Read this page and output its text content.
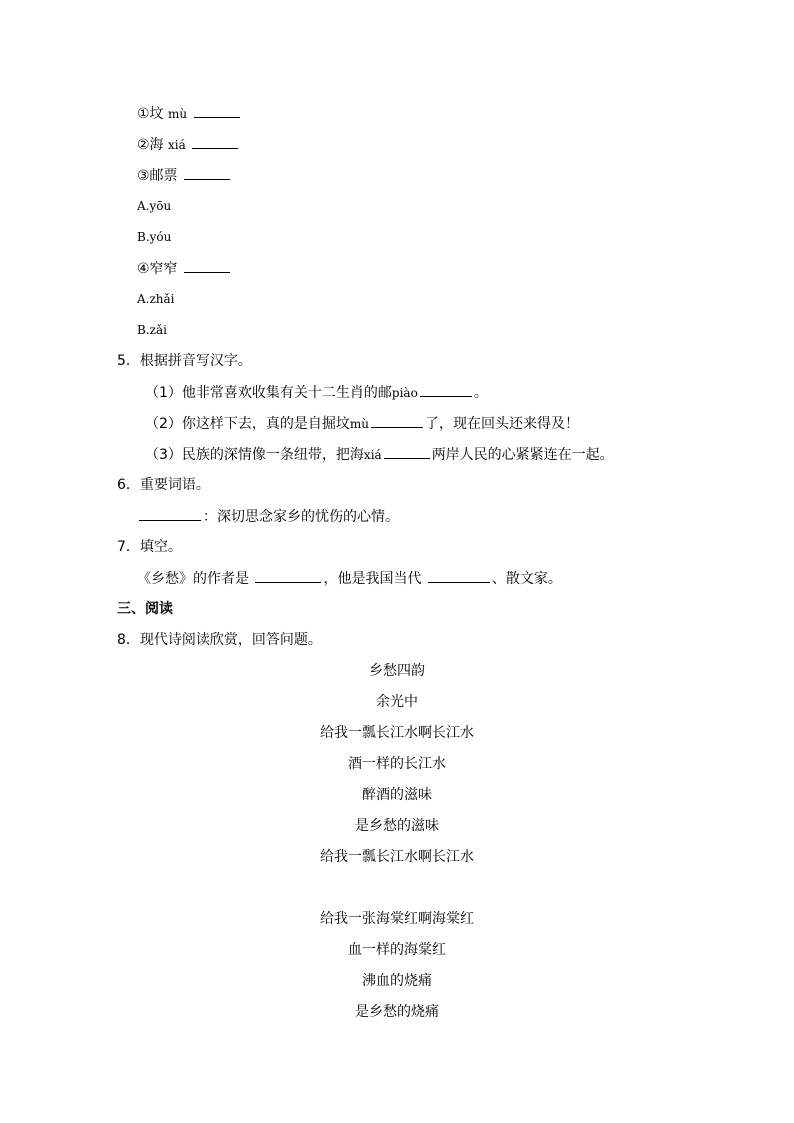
①坟 mù
②海 xiá
③邮票
A.yōu
B.yóu
④窄窄
A.zhǎi
B.zǎi
5．根据拼音写汉字。
（1）他非常喜欢收集有关十二生肖的邮piào	。
（2）你这样下去，真的是自掘坟mù	了，现在回头还来得及！
（3）民族的深情像一条纽带，把海xiá	两岸人民的心紧紧连在一起。
6．重要词语。
：深切思念家乡的忧伤的心情。
7．填空。
《乡愁》的作者是	，他是我国当代	、散文家。
三、阅读
8．现代诗阅读欣赏，回答问题。
乡愁四韵
余光中
给我一瓢长江水啊长江水
酒一样的长江水
醉酒的滋味
是乡愁的滋味
给我一瓢长江水啊长江水
给我一张海棠红啊海棠红
血一样的海棠红
沸血的烧痛
是乡愁的烧痛
